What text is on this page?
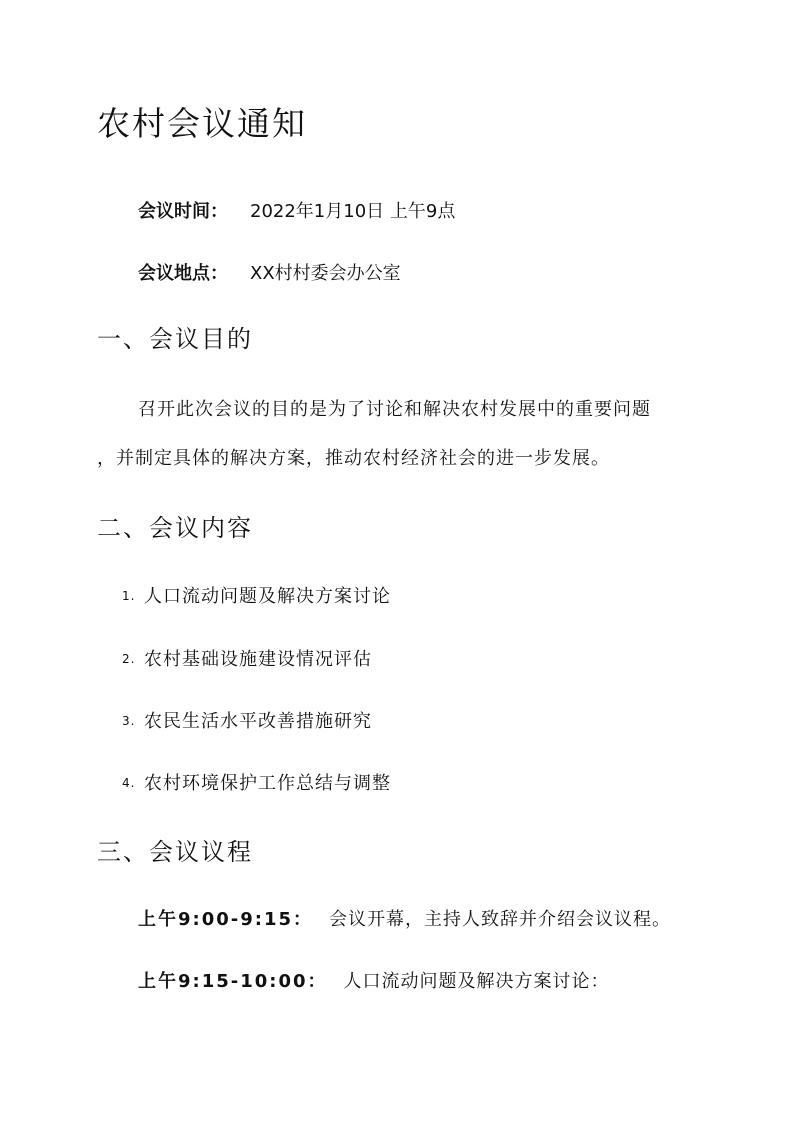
农村会议通知
会议时间： 2022年1月10日 上午9点
会议地点： XX村村委会办公室
一、会议目的
召开此次会议的目的是为了讨论和解决农村发展中的重要问题
，并制定具体的解决方案，推动农村经济社会的进一步发展。
二、会议内容
1. 人口流动问题及解决方案讨论
2. 农村基础设施建设情况评估
3. 农民生活水平改善措施研究
4. 农村环境保护工作总结与调整
三、会议议程
上午9:00-9:15： 会议开幕，主持人致辞并介绍会议议程。
上午9:15-10:00： 人口流动问题及解决方案讨论：
